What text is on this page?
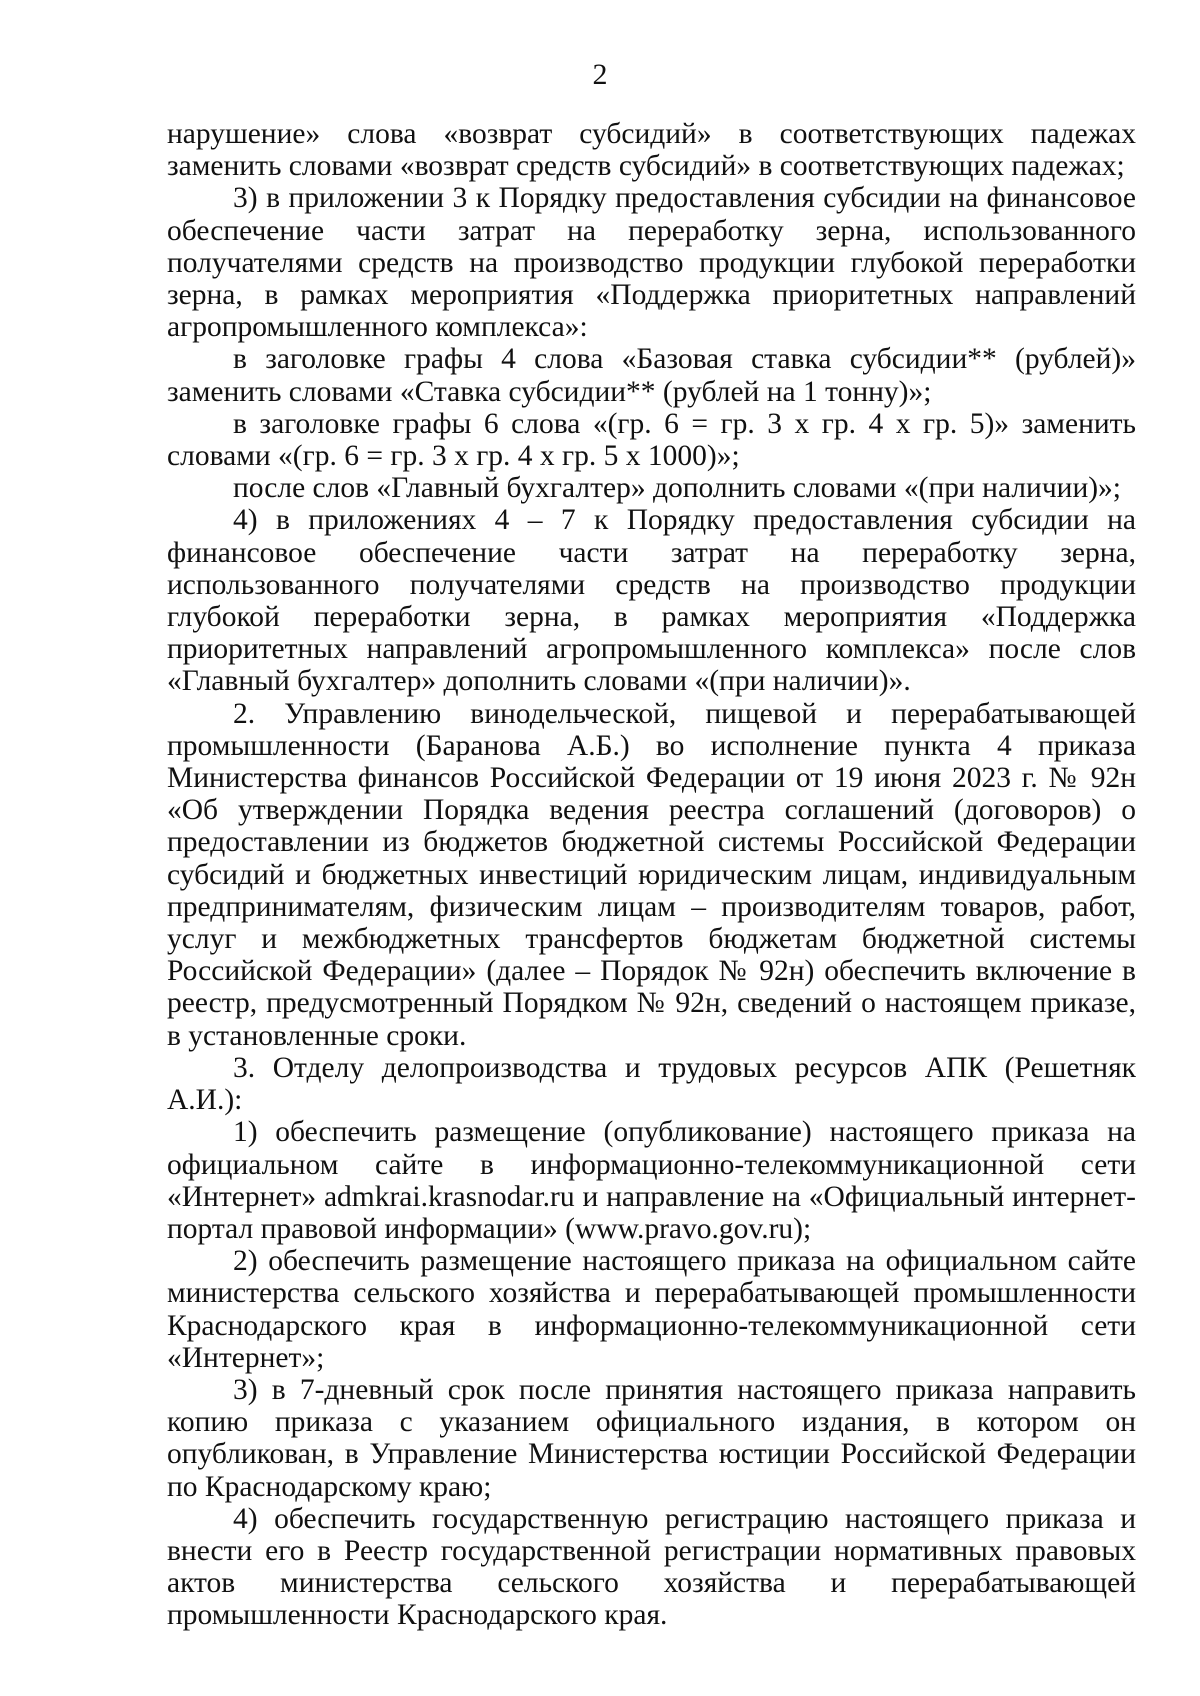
2

нарушение» слова «возврат субсидий» в соответствующих падежах заменить словами «возврат средств субсидий» в соответствующих падежах;

3) в приложении 3 к Порядку предоставления субсидии на финансовое обеспечение части затрат на переработку зерна, использованного получателями средств на производство продукции глубокой переработки зерна, в рамках мероприятия «Поддержка приоритетных направлений агропромышленного комплекса»:

в заголовке графы 4 слова «Базовая ставка субсидии** (рублей)» заменить словами «Ставка субсидии** (рублей на 1 тонну)»;

в заголовке графы 6 слова «(гр. 6 = гр. 3 x гр. 4 x гр. 5)» заменить словами «(гр. 6 = гр. 3 x гр. 4 x гр. 5 x 1000)»;

после слов «Главный бухгалтер» дополнить словами «(при наличии)»;

4) в приложениях 4 – 7 к Порядку предоставления субсидии на финансовое обеспечение части затрат на переработку зерна, использованного получателями средств на производство продукции глубокой переработки зерна, в рамках мероприятия «Поддержка приоритетных направлений агропромышленного комплекса» после слов «Главный бухгалтер» дополнить словами «(при наличии)».

2. Управлению винодельческой, пищевой и перерабатывающей промышленности (Баранова А.Б.) во исполнение пункта 4 приказа Министерства финансов Российской Федерации от 19 июня 2023 г. № 92н «Об утверждении Порядка ведения реестра соглашений (договоров) о предоставлении из бюджетов бюджетной системы Российской Федерации субсидий и бюджетных инвестиций юридическим лицам, индивидуальным предпринимателям, физическим лицам – производителям товаров, работ, услуг и межбюджетных трансфертов бюджетам бюджетной системы Российской Федерации» (далее – Порядок № 92н) обеспечить включение в реестр, предусмотренный Порядком № 92н, сведений о настоящем приказе, в установленные сроки.

3. Отделу делопроизводства и трудовых ресурсов АПК (Решетняк А.И.):

1) обеспечить размещение (опубликование) настоящего приказа на официальном сайте в информационно-телекоммуникационной сети «Интернет» admkrai.krasnodar.ru и направление на «Официальный интернет-портал правовой информации» (www.pravo.gov.ru);

2) обеспечить размещение настоящего приказа на официальном сайте министерства сельского хозяйства и перерабатывающей промышленности Краснодарского края в информационно-телекоммуникационной сети «Интернет»;

3) в 7-дневный срок после принятия настоящего приказа направить копию приказа с указанием официального издания, в котором он опубликован, в Управление Министерства юстиции Российской Федерации по Краснодарскому краю;

4) обеспечить государственную регистрацию настоящего приказа и внести его в Реестр государственной регистрации нормативных правовых актов министерства сельского хозяйства и перерабатывающей промышленности Краснодарского края.
